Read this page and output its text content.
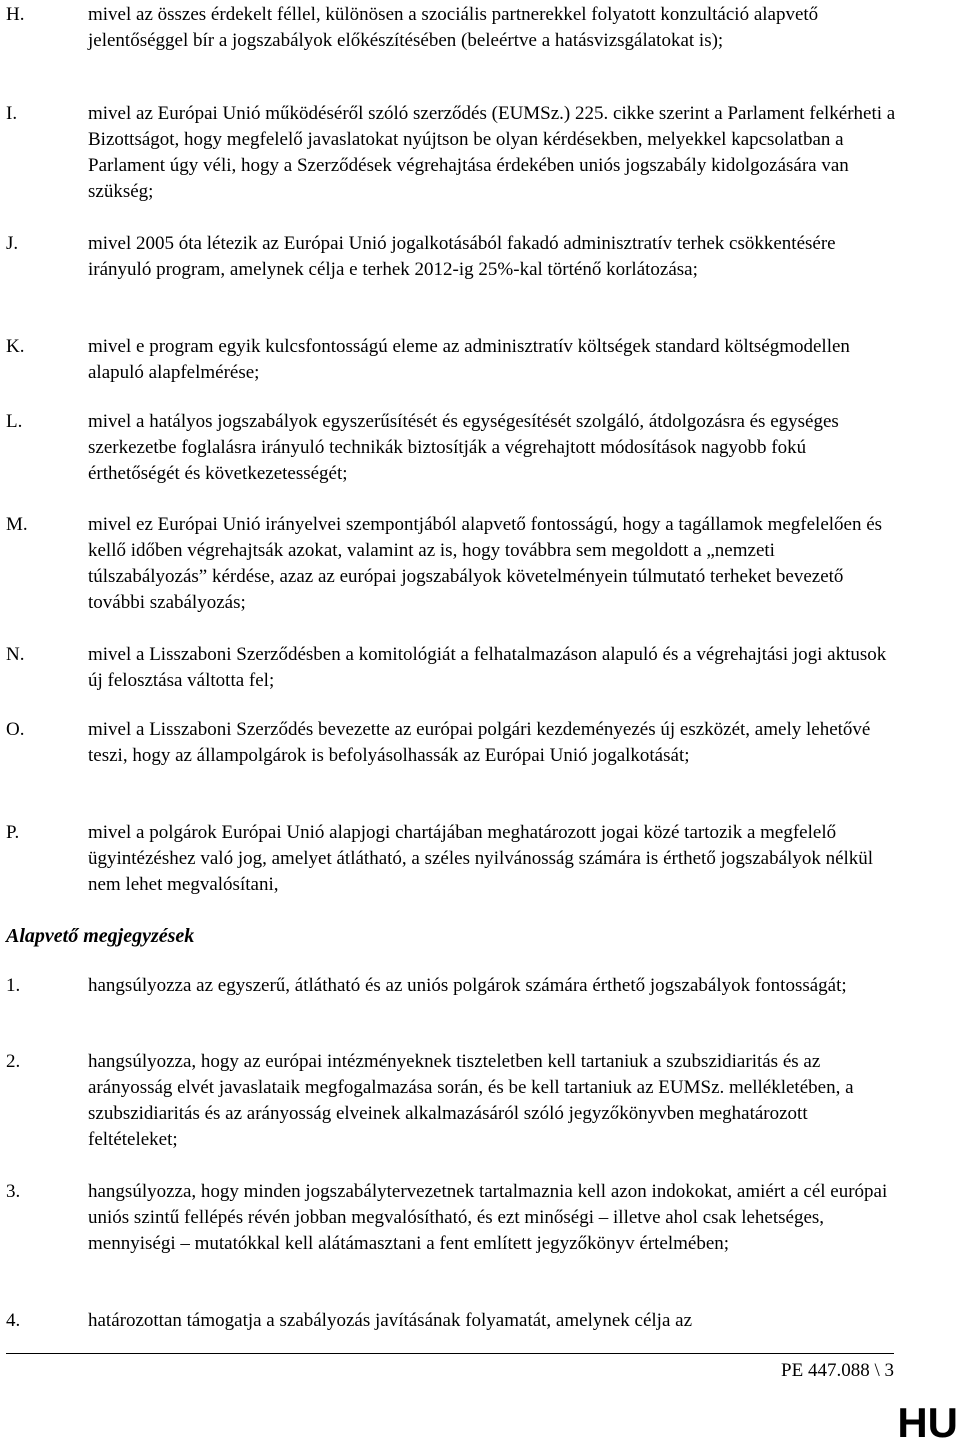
H.	mivel az összes érdekelt féllel, különösen a szociális partnerekkel folyatott konzultáció alapvető jelentőséggel bír a jogszabályok előkészítésében (beleértve a hatásvizsgálatokat is);
I.	mivel az Európai Unió működéséről szóló szerződés (EUMSz.) 225. cikke szerint a Parlament felkérheti a Bizottságot, hogy megfelelő javaslatokat nyújtson be olyan kérdésekben, melyekkel kapcsolatban a Parlament úgy véli, hogy a Szerződések végrehajtása érdekében uniós jogszabály kidolgozására van szükség;
J.	mivel 2005 óta létezik az Európai Unió jogalkotásából fakadó adminisztratív terhek csökkentésére irányuló program, amelynek célja e terhek 2012-ig 25%-kal történő korlátozása;
K.	mivel e program egyik kulcsfontosságú eleme az adminisztratív költségek standard költségmodellen alapuló alapfelmérése;
L.	mivel a hatályos jogszabályok egyszerűsítését és egységesítését szolgáló, átdolgozásra és egységes szerkezetbe foglalásra irányuló technikák biztosítják a végrehajtott módosítások nagyobb fokú érthetőségét és következetességét;
M.	mivel ez Európai Unió irányelvei szempontjából alapvető fontosságú, hogy a tagállamok megfelelően és kellő időben végrehajtsák azokat, valamint az is, hogy továbbra sem megoldott a „nemzeti túlszabályozás” kérdése, azaz az európai jogszabályok követelményein túlmutató terheket bevezető további szabályozás;
N.	mivel a Lisszaboni Szerződésben a komitológiát a felhatalmazáson alapuló és a végrehajtási jogi aktusok új felosztása váltotta fel;
O.	mivel a Lisszaboni Szerződés bevezette az európai polgári kezdeményezés új eszközét, amely lehetővé teszi, hogy az állampolgárok is befolyásolhassák az Európai Unió jogalkotását;
P.	mivel a polgárok Európai Unió alapjogi chartájában meghatározott jogai közé tartozik a megfelelő ügyintézéshez való jog, amelyet átlátható, a széles nyilvánosság számára is érthető jogszabályok nélkül nem lehet megvalósítani,
Alapvető megjegyzések
1.	hangsúlyozza az egyszerű, átlátható és az uniós polgárok számára érthető jogszabályok fontosságát;
2.	hangsúlyozza, hogy az európai intézményeknek tiszteletben kell tartaniuk a szubszidiaritás és az arányosság elvét javaslataik megfogalmazása során, és be kell tartaniuk az EUMSz. mellékletében, a szubszidiaritás és az arányosság elveinek alkalmazásáról szóló jegyzőkönyvben meghatározott feltételeket;
3.	hangsúlyozza, hogy minden jogszabálytervezetnek tartalmaznia kell azon indokokat, amiért a cél európai uniós szintű fellépés révén jobban megvalósítható, és ezt minőségi – illetve ahol csak lehetséges, mennyiségi – mutatókkal kell alátámasztani a fent említett jegyzőkönyv értelmében;
4.	határozottan támogatja a szabályozás javításának folyamatát, amelynek célja az
PE 447.088 \ 3
HU
